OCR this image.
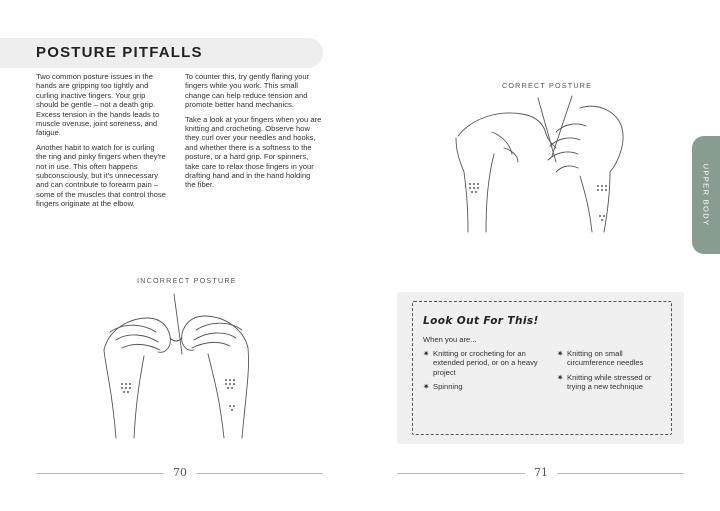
POSTURE PITFALLS

Two common posture issues in the hands are gripping too tightly and curling inactive fingers. Your grip should be gentle – not a death grip. Excess tension in the hands leads to muscle overuse, joint soreness, and fatigue.

Another habit to watch for is curling the ring and pinky fingers when they're not in use. This often happens subconsciously, but it's unnecessary and can contribute to forearm pain – some of the muscles that control those fingers originate at the elbow.

To counter this, try gently flaring your fingers while you work. This small change can help reduce tension and promote better hand mechanics.

Take a look at your fingers when you are knitting and crocheting. Observe how they curl over your needles and hooks, and whether there is a softness to the posture, or a hard grip. For spinners, take care to relax those fingers in your drafting hand and in the hand holding the fiber.

INCORRECT POSTURE
70
CORRECT POSTURE
UPPER BODY
Look Out For This!
When you are...
✷ Knitting or crocheting for an extended period, or on a heavy project
✷ Spinning
✷ Knitting on small circumference needles
✷ Knitting while stressed or trying a new technique
71
